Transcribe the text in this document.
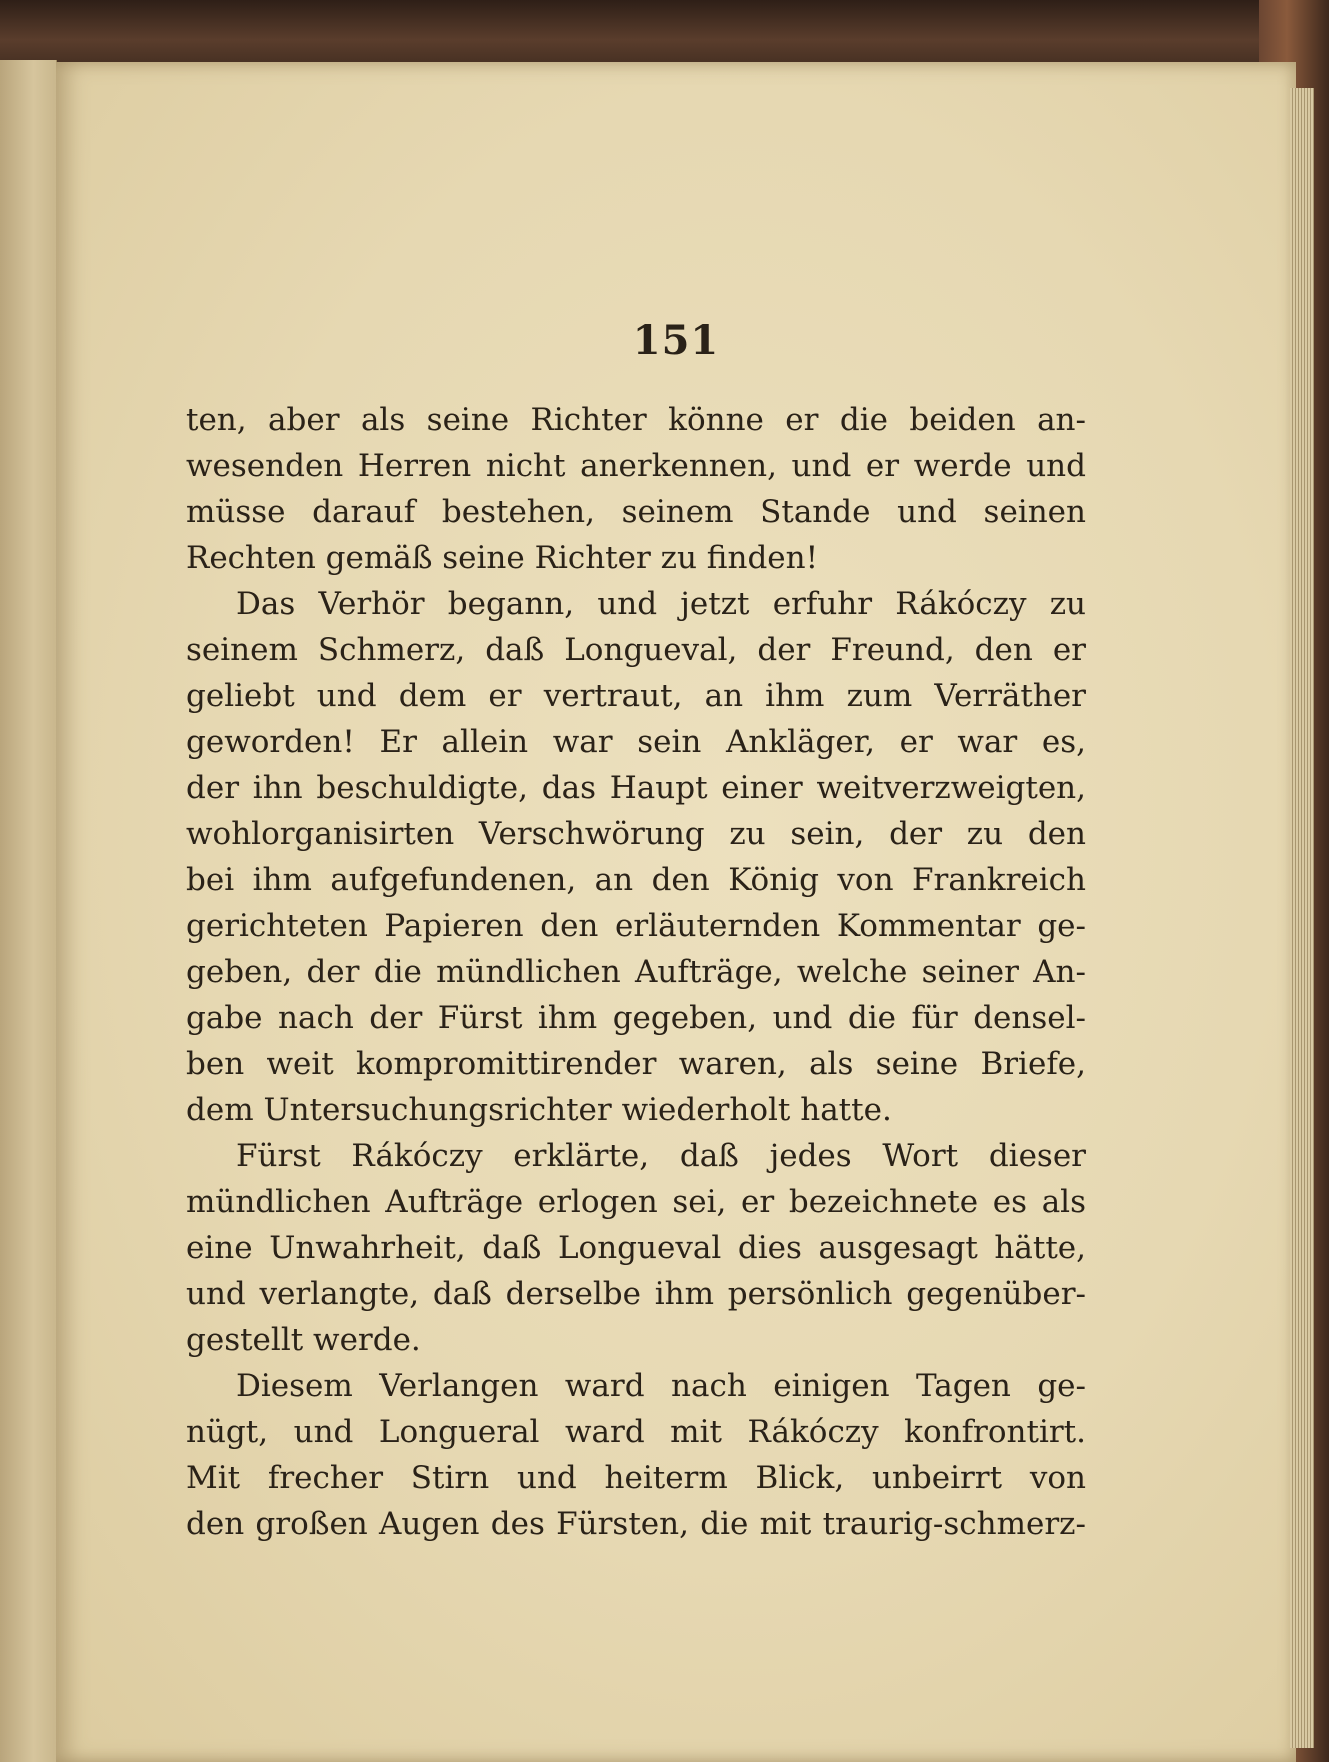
151
ten, aber als seine Richter könne er die beiden an-
wesenden Herren nicht anerkennen, und er werde und
müsse darauf bestehen, seinem Stande und seinen
Rechten gemäß seine Richter zu finden!
Das Verhör begann, und jetzt erfuhr Rákóczy zu
seinem Schmerz, daß Longueval, der Freund, den er
geliebt und dem er vertraut, an ihm zum Verräther
geworden! Er allein war sein Ankläger, er war es,
der ihn beschuldigte, das Haupt einer weitverzweigten,
wohlorganisirten Verschwörung zu sein, der zu den
bei ihm aufgefundenen, an den König von Frankreich
gerichteten Papieren den erläuternden Kommentar ge-
geben, der die mündlichen Aufträge, welche seiner An-
gabe nach der Fürst ihm gegeben, und die für densel-
ben weit kompromittirender waren, als seine Briefe,
dem Untersuchungsrichter wiederholt hatte.
Fürst Rákóczy erklärte, daß jedes Wort dieser
mündlichen Aufträge erlogen sei, er bezeichnete es als
eine Unwahrheit, daß Longueval dies ausgesagt hätte,
und verlangte, daß derselbe ihm persönlich gegenüber-
gestellt werde.
Diesem Verlangen ward nach einigen Tagen ge-
nügt, und Longueral ward mit Rákóczy konfrontirt.
Mit frecher Stirn und heiterm Blick, unbeirrt von
den großen Augen des Fürsten, die mit traurig-schmerz-
